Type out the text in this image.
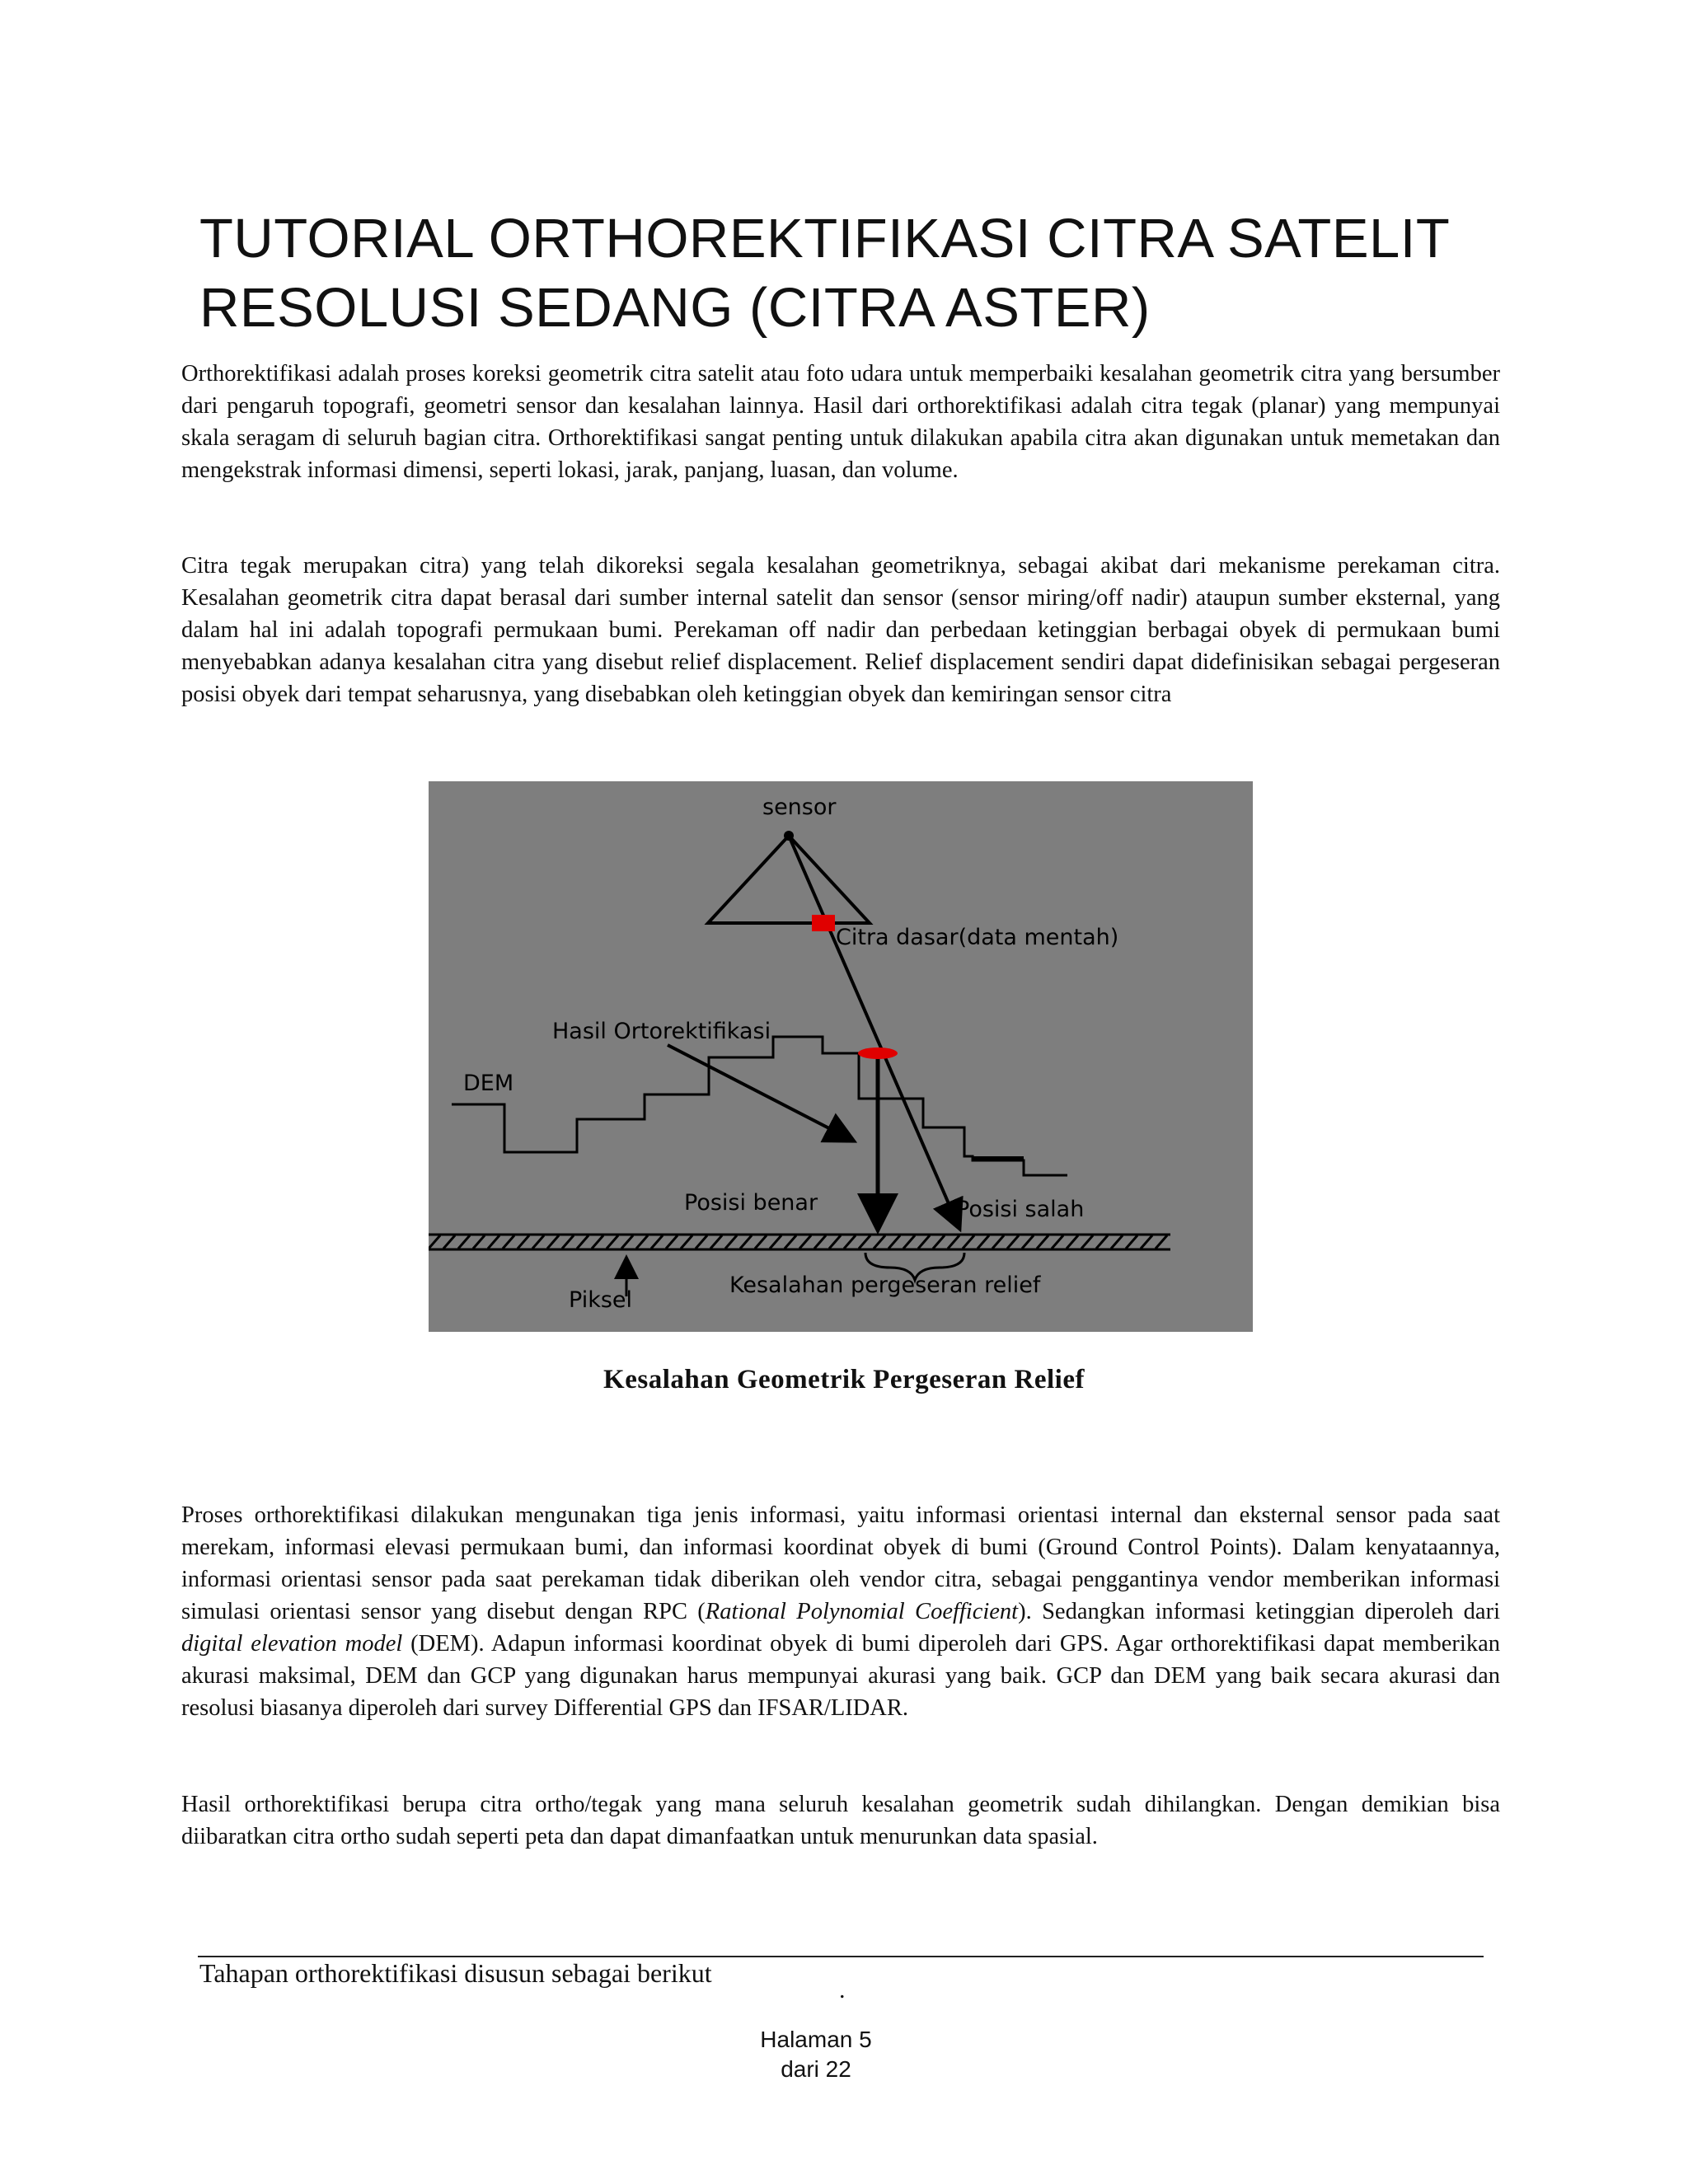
TUTORIAL ORTHOREKTIFIKASI CITRA SATELIT
RESOLUSI SEDANG (CITRA ASTER)

Orthorektifikasi adalah proses koreksi geometrik citra satelit atau foto udara untuk memperbaiki kesalahan geometrik citra yang bersumber dari pengaruh topografi, geometri sensor dan kesalahan lainnya. Hasil dari orthorektifikasi adalah citra tegak (planar) yang mempunyai skala seragam di seluruh bagian citra. Orthorektifikasi sangat penting untuk dilakukan apabila citra akan digunakan untuk memetakan dan mengekstrak informasi dimensi, seperti lokasi, jarak, panjang, luasan, dan volume.

Citra tegak merupakan citra) yang telah dikoreksi segala kesalahan geometriknya, sebagai akibat dari mekanisme perekaman citra. Kesalahan geometrik citra dapat berasal dari sumber internal satelit dan sensor (sensor miring/off nadir) ataupun sumber eksternal, yang dalam hal ini adalah topografi permukaan bumi. Perekaman off nadir dan perbedaan ketinggian berbagai obyek di permukaan bumi menyebabkan adanya kesalahan citra yang disebut relief displacement. Relief displacement sendiri dapat didefinisikan sebagai pergeseran posisi obyek dari tempat seharusnya, yang disebabkan oleh ketinggian obyek dan kemiringan sensor citra

sensor
Citra dasar(data mentah)
Hasil Ortorektifikasi
DEM
Posisi benar	Posisi salah
Kesalahan pergeseran relief
Piksel
Kesalahan Geometrik Pergeseran Relief

Proses orthorektifikasi dilakukan mengunakan tiga jenis informasi, yaitu informasi orientasi internal dan eksternal sensor pada saat merekam, informasi elevasi permukaan bumi, dan informasi koordinat obyek di bumi (Ground Control Points). Dalam kenyataannya, informasi orientasi sensor pada saat perekaman tidak diberikan oleh vendor citra, sebagai penggantinya vendor memberikan informasi simulasi orientasi sensor yang disebut dengan RPC (Rational Polynomial Coefficient). Sedangkan informasi ketinggian diperoleh dari digital elevation model (DEM). Adapun informasi koordinat obyek di bumi diperoleh dari GPS. Agar orthorektifikasi dapat memberikan akurasi maksimal, DEM dan GCP yang digunakan harus mempunyai akurasi yang baik. GCP dan DEM yang baik secara akurasi dan resolusi biasanya diperoleh dari survey Differential GPS dan IFSAR/LIDAR.

Hasil orthorektifikasi berupa citra ortho/tegak yang mana seluruh kesalahan geometrik sudah dihilangkan. Dengan demikian bisa diibaratkan citra ortho sudah seperti peta dan dapat dimanfaatkan untuk menurunkan data spasial.

Tahapan orthorektifikasi disusun sebagai berikut
.
Halaman 5
dari 22
